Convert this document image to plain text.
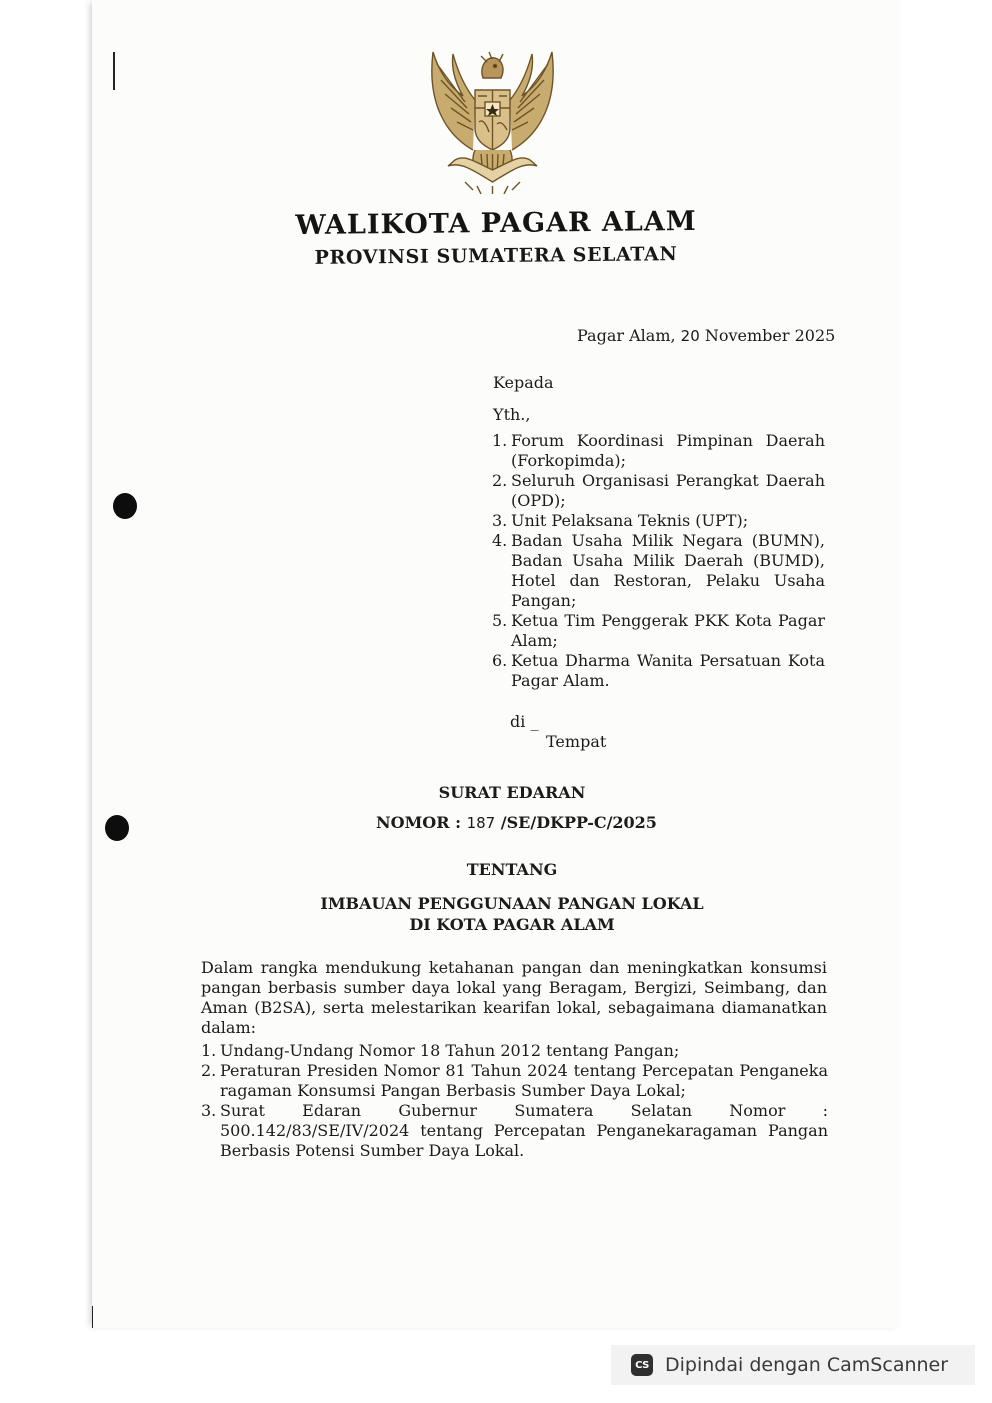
WALIKOTA PAGAR ALAM
PROVINSI SUMATERA SELATAN
Pagar Alam, 20 November 2025
Kepada
Yth.,
1. Forum Koordinasi Pimpinan Daerah (Forkopimda);
2. Seluruh Organisasi Perangkat Daerah (OPD);
3. Unit Pelaksana Teknis (UPT);
4. Badan Usaha Milik Negara (BUMN), Badan Usaha Milik Daerah (BUMD), Hotel dan Restoran, Pelaku Usaha Pangan;
5. Ketua Tim Penggerak PKK Kota Pagar Alam;
6. Ketua Dharma Wanita Persatuan Kota Pagar Alam.
di _
Tempat
SURAT EDARAN
NOMOR : 187 /SE/DKPP-C/2025
TENTANG
IMBAUAN PENGGUNAAN PANGAN LOKAL
DI KOTA PAGAR ALAM
Dalam rangka mendukung ketahanan pangan dan meningkatkan konsumsi pangan berbasis sumber daya lokal yang Beragam, Bergizi, Seimbang, dan Aman (B2SA), serta melestarikan kearifan lokal, sebagaimana diamanatkan dalam:
1. Undang-Undang Nomor 18 Tahun 2012 tentang Pangan;
2. Peraturan Presiden Nomor 81 Tahun 2024 tentang Percepatan Penganeka ragaman Konsumsi Pangan Berbasis Sumber Daya Lokal;
3. Surat Edaran Gubernur Sumatera Selatan Nomor : 500.142/83/SE/IV/2024 tentang Percepatan Penganekaragaman Pangan Berbasis Potensi Sumber Daya Lokal.
CS Dipindai dengan CamScanner
